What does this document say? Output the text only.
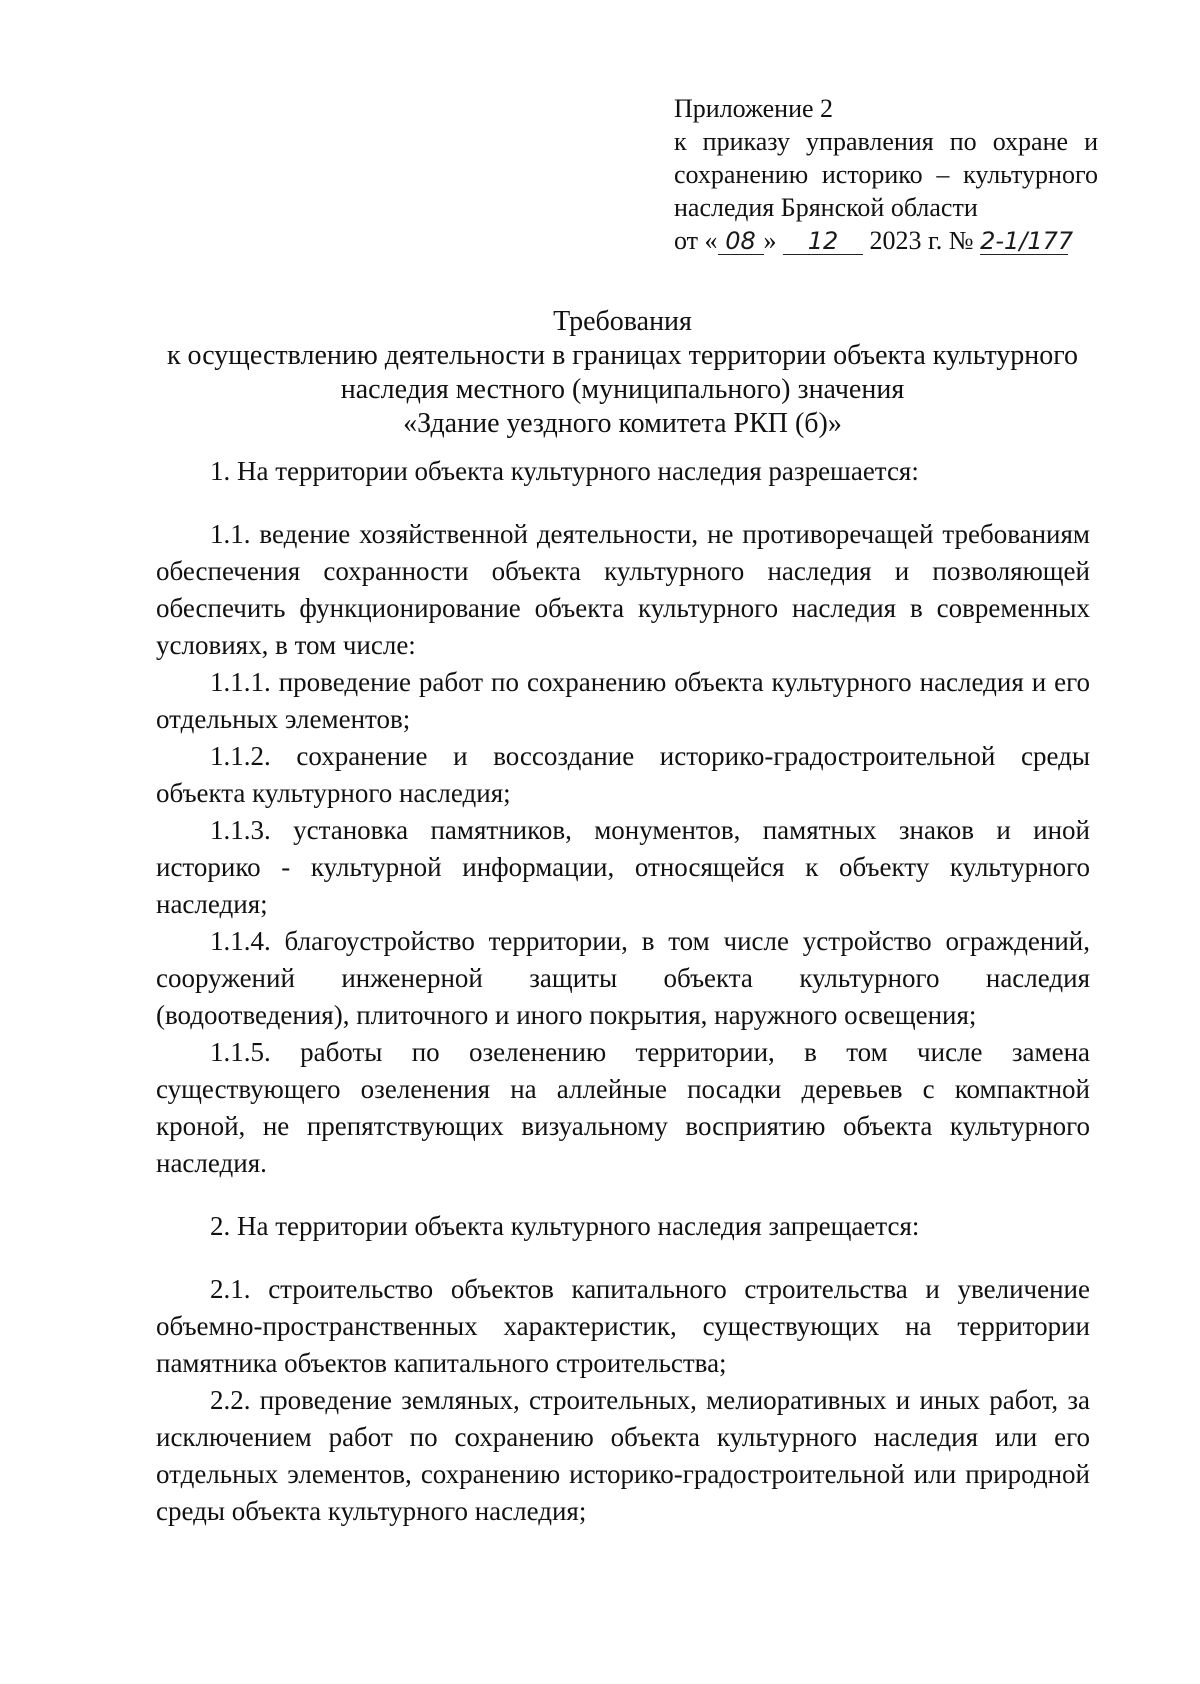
Приложение 2
к приказу управления по охране и
сохранению историко – культурного
наследия Брянской области
от « 08 » 12 2023 г. № 2-1/177
Требования
к осуществлению деятельности в границах территории объекта культурного
наследия местного (муниципального) значения
«Здание уездного комитета РКП (б)»

1. На территории объекта культурного наследия разрешается:

1.1. ведение хозяйственной деятельности, не противоречащей требованиям обеспечения сохранности объекта культурного наследия и позволяющей обеспечить функционирование объекта культурного наследия в современных условиях, в том числе:

1.1.1. проведение работ по сохранению объекта культурного наследия и его отдельных элементов;

1.1.2. сохранение и воссоздание историко-градостроительной среды объекта культурного наследия;

1.1.3. установка памятников, монументов, памятных знаков и иной историко - культурной информации, относящейся к объекту культурного наследия;

1.1.4. благоустройство территории, в том числе устройство ограждений, сооружений инженерной защиты объекта культурного наследия (водоотведения), плиточного и иного покрытия, наружного освещения;

1.1.5. работы по озеленению территории, в том числе замена существующего озеленения на аллейные посадки деревьев с компактной кроной, не препятствующих визуальному восприятию объекта культурного наследия.

2. На территории объекта культурного наследия запрещается:

2.1. строительство объектов капитального строительства и увеличение объемно-пространственных характеристик, существующих на территории памятника объектов капитального строительства;

2.2. проведение земляных, строительных, мелиоративных и иных работ, за исключением работ по сохранению объекта культурного наследия или его отдельных элементов, сохранению историко-градостроительной или природной среды объекта культурного наследия;
